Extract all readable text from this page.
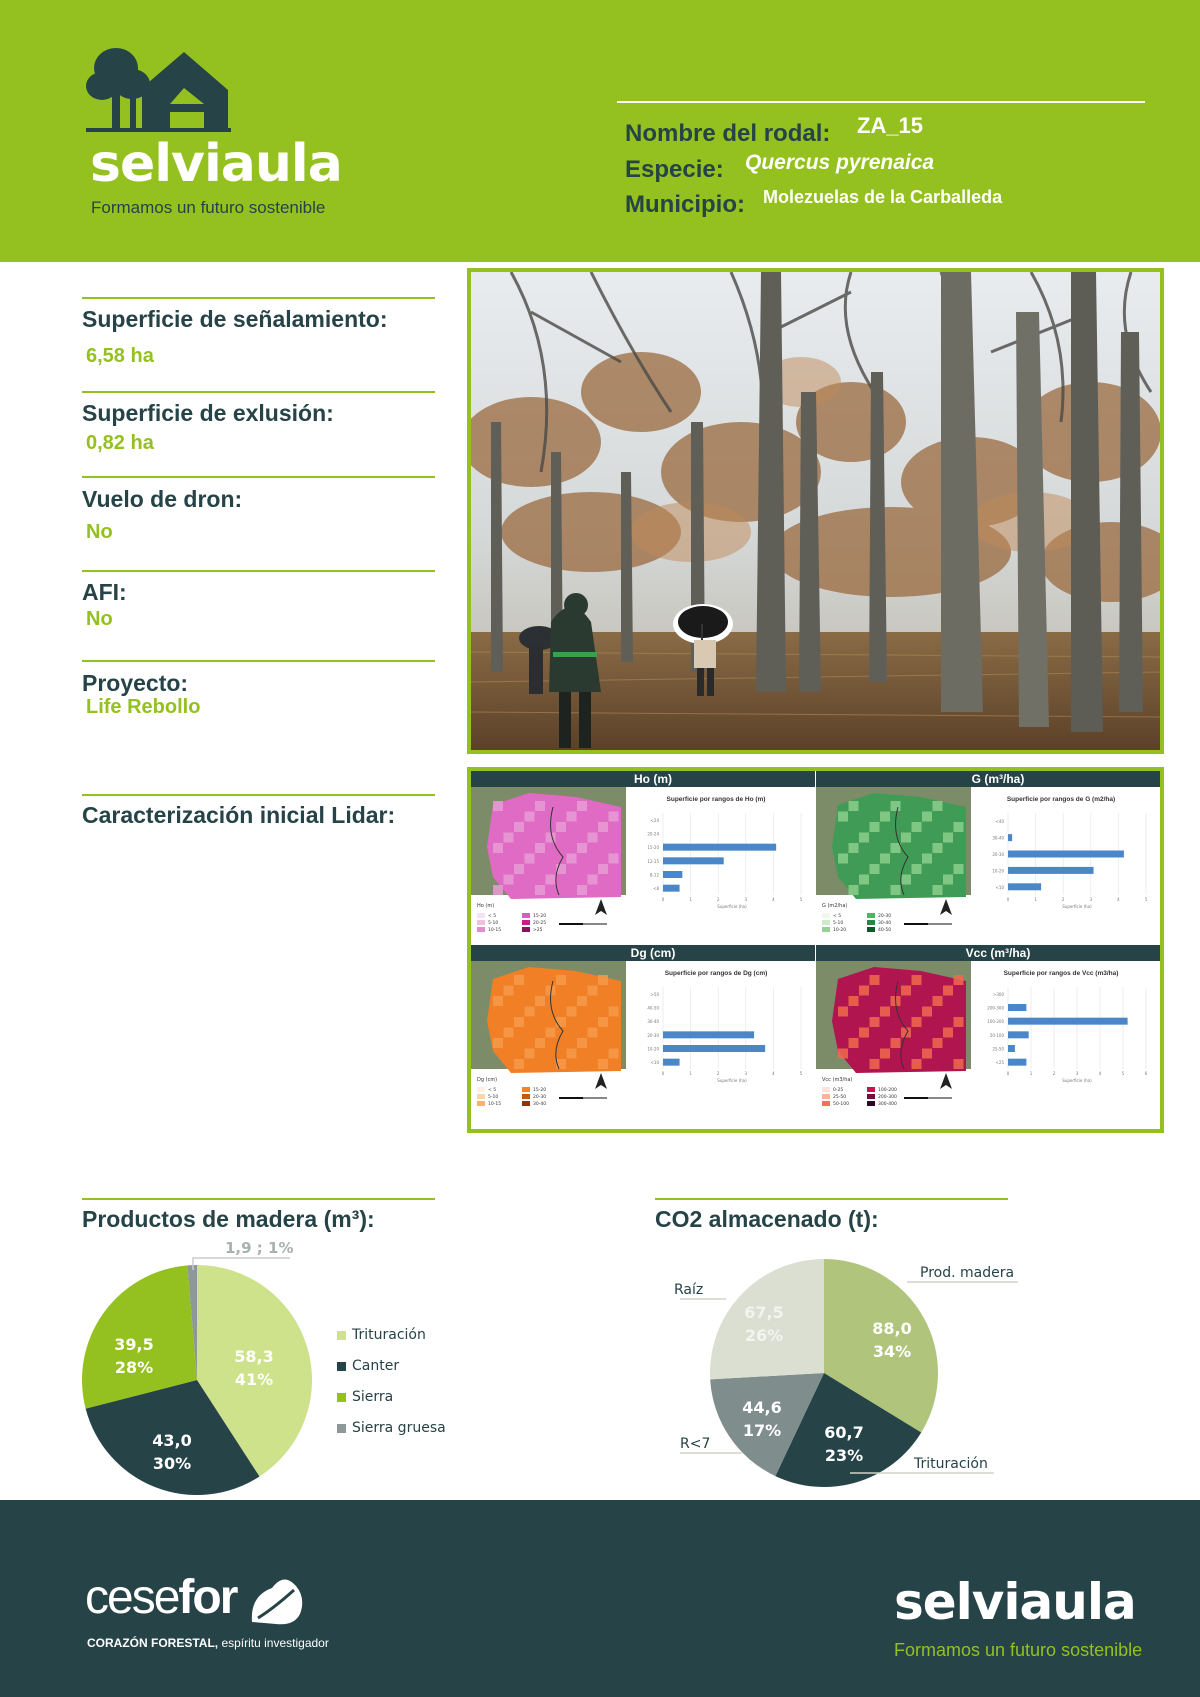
selviaula
Formamos un futuro sostenible
Nombre del rodal: ZA_15
Especie: Quercus pyrenaica
Municipio: Molezuelas de la Carballeda
Superficie de señalamiento:
6,58 ha
Superficie de exlusión:
0,82 ha
Vuelo de dron:
No
AFI:
No
Proyecto:
Life Rebollo
Caracterización inicial Lidar:
Ho (m)
Ho (m)
< 5
5-10
10-15
15-20
20-25
>25
Superficie por rangos de Ho (m)
0	1	2	3	4	5
Superficie (ha)
<24
20-24
15-20
12-15
8-12
<8
G (m³/ha)
G (m2/ha)
< 5
5-10
10-20
20-30
30-40
40-50
Superficie por rangos de G (m2/ha)
0	1	2	3	4	5
Superficie (ha)
<40
30-40
20-30
10-20
<10
Dg (cm)
Dg (cm)
< 5
5-10
10-15
15-20
20-30
30-40
Superficie por rangos de Dg (cm)
0	1	2	3	4	5
Superficie (ha)
>50
40-50
30-40
20-30
10-20
<10
Vcc (m³/ha)
Vcc (m3/ha)
0-25
25-50
50-100
100-200
200-300
300-400
Superficie por rangos de Vcc (m3/ha)
0	1	2	3	4	5	6
Superficie (ha)
>300
200-300
100-200
50-100
25-50
<25
Productos de madera (m³):
58,3
41%
43,0
30%
39,5
28%
1,9 ; 1%
Trituración
Canter
Sierra
Sierra gruesa
CO2 almacenado (t):
88,0
34%
Prod. madera
60,7
23%	Trituración
44,6
17%
R<7
67,5
26%
Raíz
cesefor
CORAZÓN FORESTAL, espíritu investigador
selviaula
Formamos un futuro sostenible
